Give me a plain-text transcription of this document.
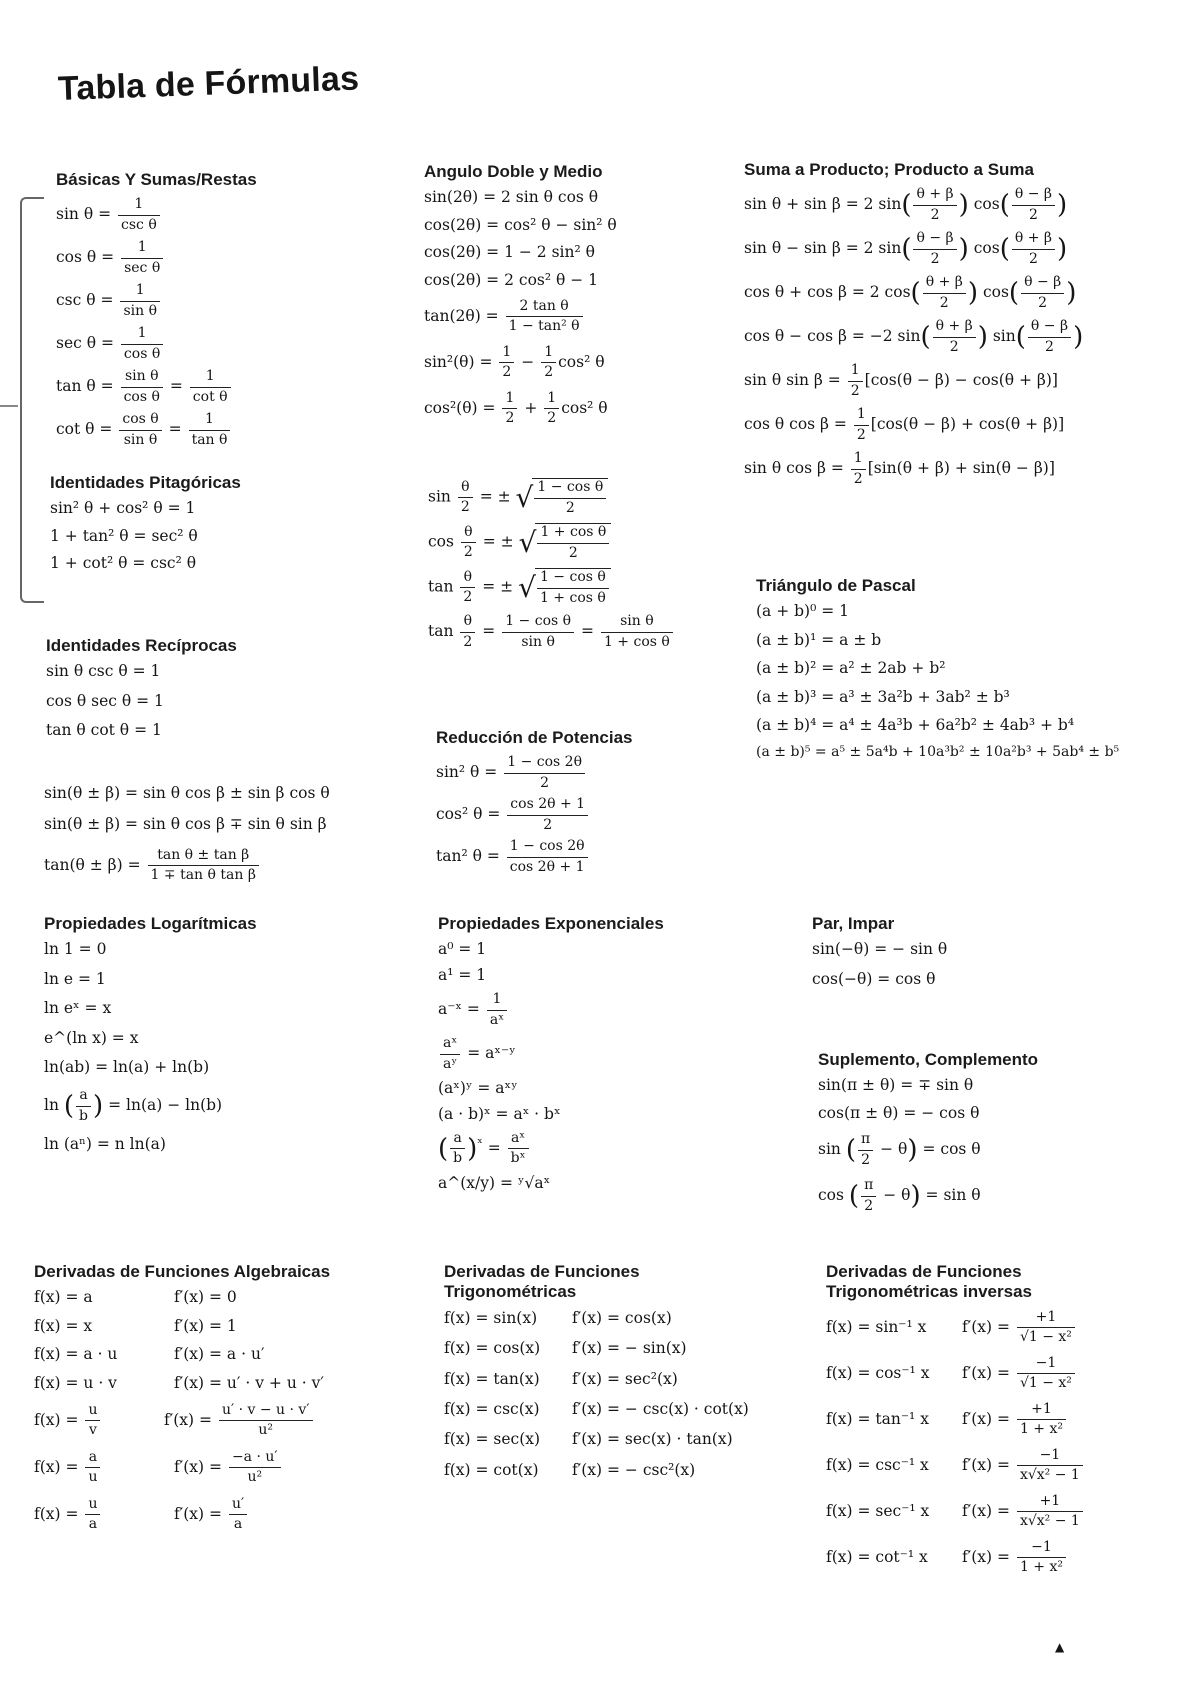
Tabla de Fórmulas
Básicas Y Sumas/Restas
$\sin \theta = \frac{1}{\text{csc θ}}$
$\cos \theta = \frac{1}{\text{sec θ}}$
$\csc \theta = \frac{1}{\text{sin θ}}$
$\sec \theta = \frac{1}{\text{cos θ}}$
$\tan \theta = \frac{\text{sin θ}}{\text{cos θ}} = \frac{1}{\text{cot θ}}$
$\cot \theta = \frac{\text{cos θ}}{\text{sin θ}} = \frac{1}{\text{tan θ}}$
Identidades Pitagóricas
sin² θ + cos² θ = 1
1 + tan² θ = sec² θ
1 + cot² θ = csc² θ
Identidades Recíprocas
sin θ csc θ = 1
cos θ sec θ = 1
tan θ cot θ = 1
sin(θ ± β) = sin θ cos β ± sin β cos θ
sin(θ ± β) = sin θ cos β ∓ sin θ sin β
$\tan(\theta \pm \beta) = \frac{\text{tan θ ± tan β}}{\text{1 ∓ tan θ tan β}}$
Angulo Doble y Medio
sin(2θ) = 2 sin θ cos θ
cos(2θ) = cos² θ − sin² θ
cos(2θ) = 1 − 2 sin² θ
cos(2θ) = 2 cos² θ − 1
$\tan(2\theta) = \frac{\text{2 tan θ}}{\text{1 − tan² θ}}$
$\sin^2(\theta) = \frac{1}{2} - \frac{1}{2} \cos^2$ θ
$\cos^2(\theta) = \frac{1}{2} + \frac{1}{2} \cos^2$ θ
$\sin \frac{\theta}{2}$ = ± √ $\frac{\text{1 − cos θ}}{2}$
$\cos \frac{\theta}{2}$ = ± √ $\frac{\text{1 + cos θ}}{2}$
$\tan \frac{\theta}{2}$ = ± √ $\frac{\text{1 − cos θ}}{\text{1 + cos θ}}$
$\tan \frac{\theta}{2} = \frac{\text{1 − cos θ}}{\text{sin θ}} = \frac{\text{sin θ}}{\text{1 + cos θ}}$
Reducción de Potencias
sin² $\theta = \frac{1 - \cos 2\theta}{2}$
cos² $\theta = \frac{\cos 2\theta + 1}{2}$
tan² $\theta = \frac{1 - \cos 2\theta}{\cos 2\theta + 1}$
Suma a Producto; Producto a Suma
sin θ + sin β = 2 $\sin( \frac{\theta + \beta}{2}$ ) $\cos( \frac{\theta - \beta}{2}$ )
sin θ − sin β = 2 $\sin( \frac{\theta - \beta}{2}$ ) $\cos( \frac{\theta + \beta}{2}$ )
cos θ + cos β = 2 $\cos( \frac{\theta + \beta}{2}$ ) $\cos( \frac{\theta - \beta}{2}$ )
cos θ − cos β = −2 $\sin( \frac{\theta + \beta}{2}$ ) $\sin( \frac{\theta - \beta}{2}$ )
sin θ $\sin \beta = \frac{1}{2} [\cos(\theta - \beta) - \cos(\theta + \beta)]$
cos θ $\cos \beta = \frac{1}{2} [\cos(\theta - \beta) + \cos(\theta + \beta)]$
sin θ $\cos \beta = \frac{1}{2} [\sin(\theta + \beta) + \sin(\theta - \beta)]$
Triángulo de Pascal
(a + b)⁰ = 1
(a ± b)¹ = a ± b
(a ± b)² = a² ± 2ab + b²
(a ± b)³ = a³ ± 3a²b + 3ab² ± b³
(a ± b)⁴ = a⁴ ± 4a³b + 6a²b² ± 4ab³ + b⁴
(a ± b)⁵ = a⁵ ± 5a⁴b + 10a³b² ± 10a²b³ + 5ab⁴ ± b⁵
Propiedades Logarítmicas
ln 1 = 0
ln e = 1
ln eˣ = x
e^(ln x) = x
ln(ab) = ln(a) + ln(b)
ln ( $\frac{a}{b}$ ) = ln(a) − ln(b)
ln (aⁿ) = n ln(a)
Propiedades Exponenciales
a⁰ = 1
a¹ = 1
a⁻ˣ = $\frac{1}{\text{aˣ}}$
$\frac{\text{aˣ}}{\text{aʸ}}$ = aˣ⁻ʸ
(aˣ)ʸ = aˣʸ
(a · b)ˣ = aˣ · bˣ
( $\frac{a}{b} )^ˣ = \frac{\text{aˣ}}{\text{bˣ}}$
a^(x/y) = ʸ√aˣ
Par, Impar
sin(−θ) = − sin θ
cos(−θ) = cos θ
Suplemento, Complemento
sin(π ± θ) = ∓ sin θ
cos(π ± θ) = − cos θ
sin ( $\frac{\pi}{2} - \theta) = \cos \theta$
cos ( $\frac{\pi}{2} - \theta) = \sin \theta$
Derivadas de Funciones Algebraicas
f(x) = a	f′(x) = 0
f(x) = x	f′(x) = 1
f(x) = a · u	f′(x) = a · u′
f(x) = u · v	f′(x) = u′ · v + u · v′
$f(x) = \frac{u}{v}$	$f'(x) = \frac{u' \cdot v - u \cdot v'}{\text{u²}}$
$f(x) = \frac{a}{u}$	$f'(x) = \frac{-a \cdot u'}{\text{u²}}$
$f(x) = \frac{u}{a}$	$f'(x) = \frac{u'}{a}$
Derivadas de Funciones Trigonométricas
f(x) = sin(x) f′(x) = cos(x)
f(x) = cos(x) f′(x) = − sin(x)
f(x) = tan(x) f′(x) = sec²(x)
f(x) = csc(x) f′(x) = − csc(x) · cot(x)
f(x) = sec(x) f′(x) = sec(x) · tan(x)
f(x) = cot(x) f′(x) = − csc²(x)
Derivadas de Funciones Trigonométricas inversas
f(x) = sin⁻¹ x $f'(x) = \frac{+1}{\text{√1 − x²}}$
f(x) = cos⁻¹ x $f'(x) = \frac{-1}{\text{√1 − x²}}$
f(x) = tan⁻¹ x $f'(x) = \frac{+1}{\text{1 + x²}}$
f(x) = csc⁻¹ x $f'(x) = \frac{-1}{\text{x√x² − 1}}$
f(x) = sec⁻¹ x $f'(x) = \frac{+1}{\text{x√x² − 1}}$
f(x) = cot⁻¹ x $f'(x) = \frac{-1}{\text{1 + x²}}$
▲
